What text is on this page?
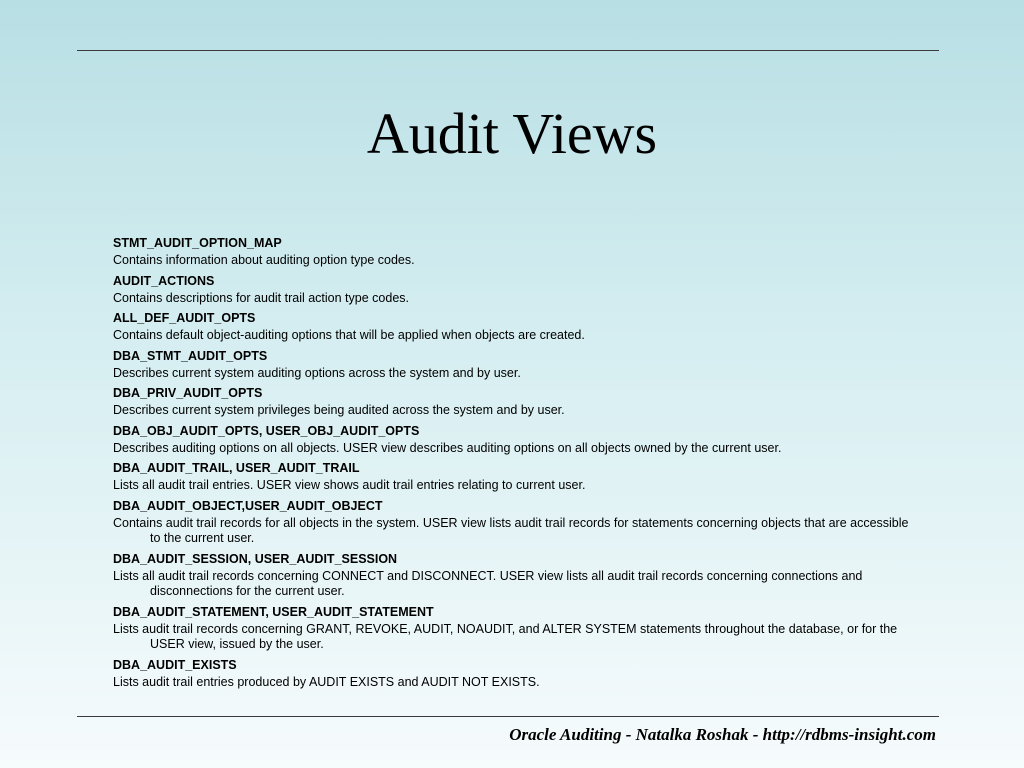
Audit Views
STMT_AUDIT_OPTION_MAP
Contains information about auditing option type codes.
AUDIT_ACTIONS
Contains descriptions for audit trail action type codes.
ALL_DEF_AUDIT_OPTS
Contains default object-auditing options that will be applied when objects are created.
DBA_STMT_AUDIT_OPTS
Describes current system auditing options across the system and by user.
DBA_PRIV_AUDIT_OPTS
Describes current system privileges being audited across the system and by user.
DBA_OBJ_AUDIT_OPTS, USER_OBJ_AUDIT_OPTS
Describes auditing options on all objects. USER view describes auditing options on all objects owned by the current user.
DBA_AUDIT_TRAIL, USER_AUDIT_TRAIL
Lists all audit trail entries. USER view shows audit trail entries relating to current user.
DBA_AUDIT_OBJECT,USER_AUDIT_OBJECT
Contains audit trail records for all objects in the system. USER view lists audit trail records for statements concerning objects that are accessible to the current user.
DBA_AUDIT_SESSION, USER_AUDIT_SESSION
Lists all audit trail records concerning CONNECT and DISCONNECT. USER view lists all audit trail records concerning connections and disconnections for the current user.
DBA_AUDIT_STATEMENT, USER_AUDIT_STATEMENT
Lists audit trail records concerning GRANT, REVOKE, AUDIT, NOAUDIT, and ALTER SYSTEM statements throughout the database, or for the USER view, issued by the user.
DBA_AUDIT_EXISTS
Lists audit trail entries produced by AUDIT EXISTS and AUDIT NOT EXISTS.
Oracle Auditing - Natalka Roshak - http://rdbms-insight.com
